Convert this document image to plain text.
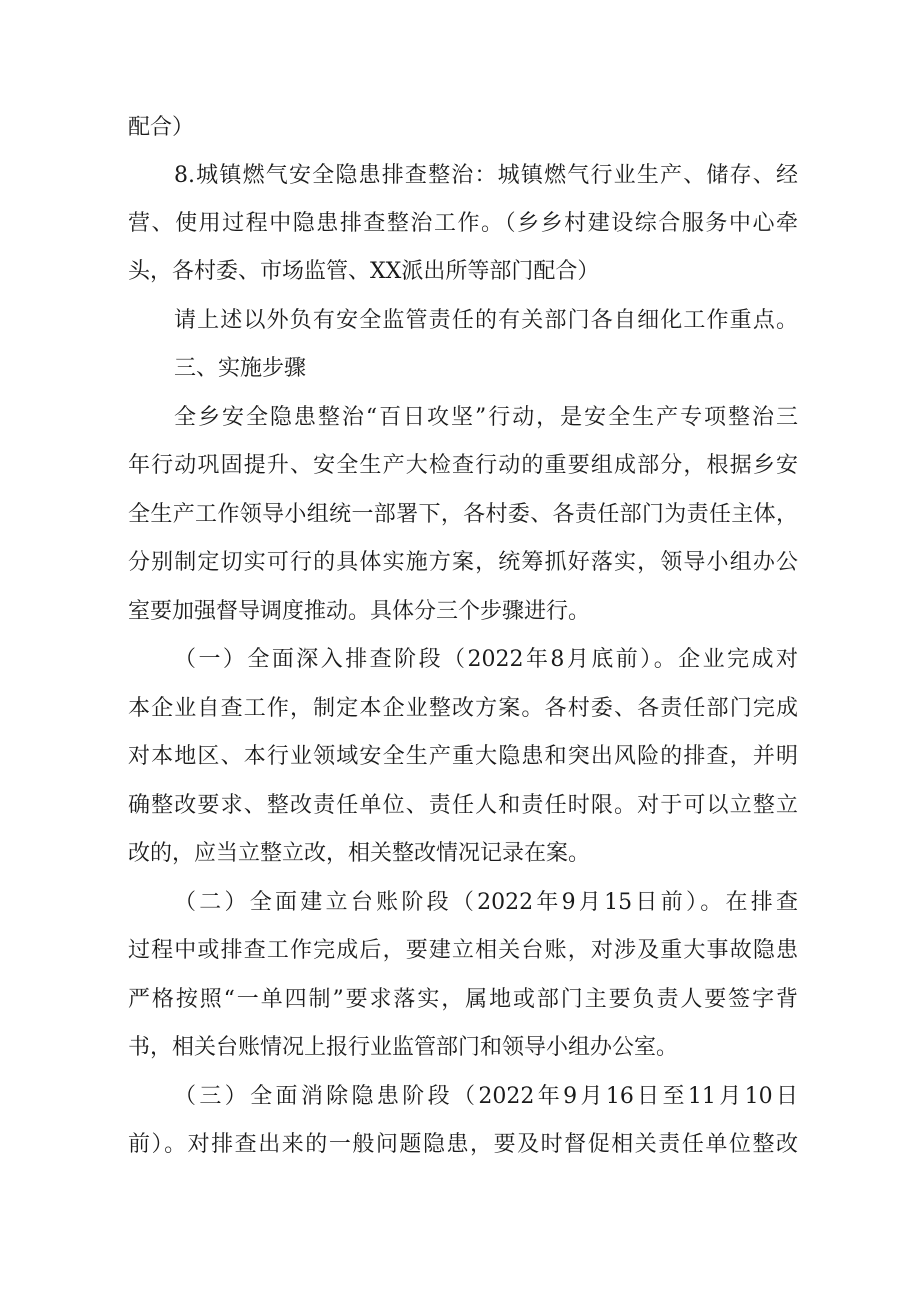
配合）
8.城镇燃气安全隐患排查整治：城镇燃气行业生产、储存、经
营、使用过程中隐患排查整治工作。（乡乡村建设综合服务中心牵
头，各村委、市场监管、XX派出所等部门配合）
请上述以外负有安全监管责任的有关部门各自细化工作重点。
三、实施步骤
全乡安全隐患整治“百日攻坚”行动，是安全生产专项整治三
年行动巩固提升、安全生产大检查行动的重要组成部分，根据乡安
全生产工作领导小组统一部署下，各村委、各责任部门为责任主体，
分别制定切实可行的具体实施方案，统筹抓好落实，领导小组办公
室要加强督导调度推动。具体分三个步骤进行。
（一）全面深入排查阶段（2022年8月底前）。企业完成对
本企业自查工作，制定本企业整改方案。各村委、各责任部门完成
对本地区、本行业领域安全生产重大隐患和突出风险的排查，并明
确整改要求、整改责任单位、责任人和责任时限。对于可以立整立
改的，应当立整立改，相关整改情况记录在案。
（二）全面建立台账阶段（2022年9月15日前）。在排查
过程中或排查工作完成后，要建立相关台账，对涉及重大事故隐患
严格按照“一单四制”要求落实，属地或部门主要负责人要签字背
书，相关台账情况上报行业监管部门和领导小组办公室。
（三）全面消除隐患阶段（2022年9月16日至11月10日
前）。对排查出来的一般问题隐患，要及时督促相关责任单位整改
